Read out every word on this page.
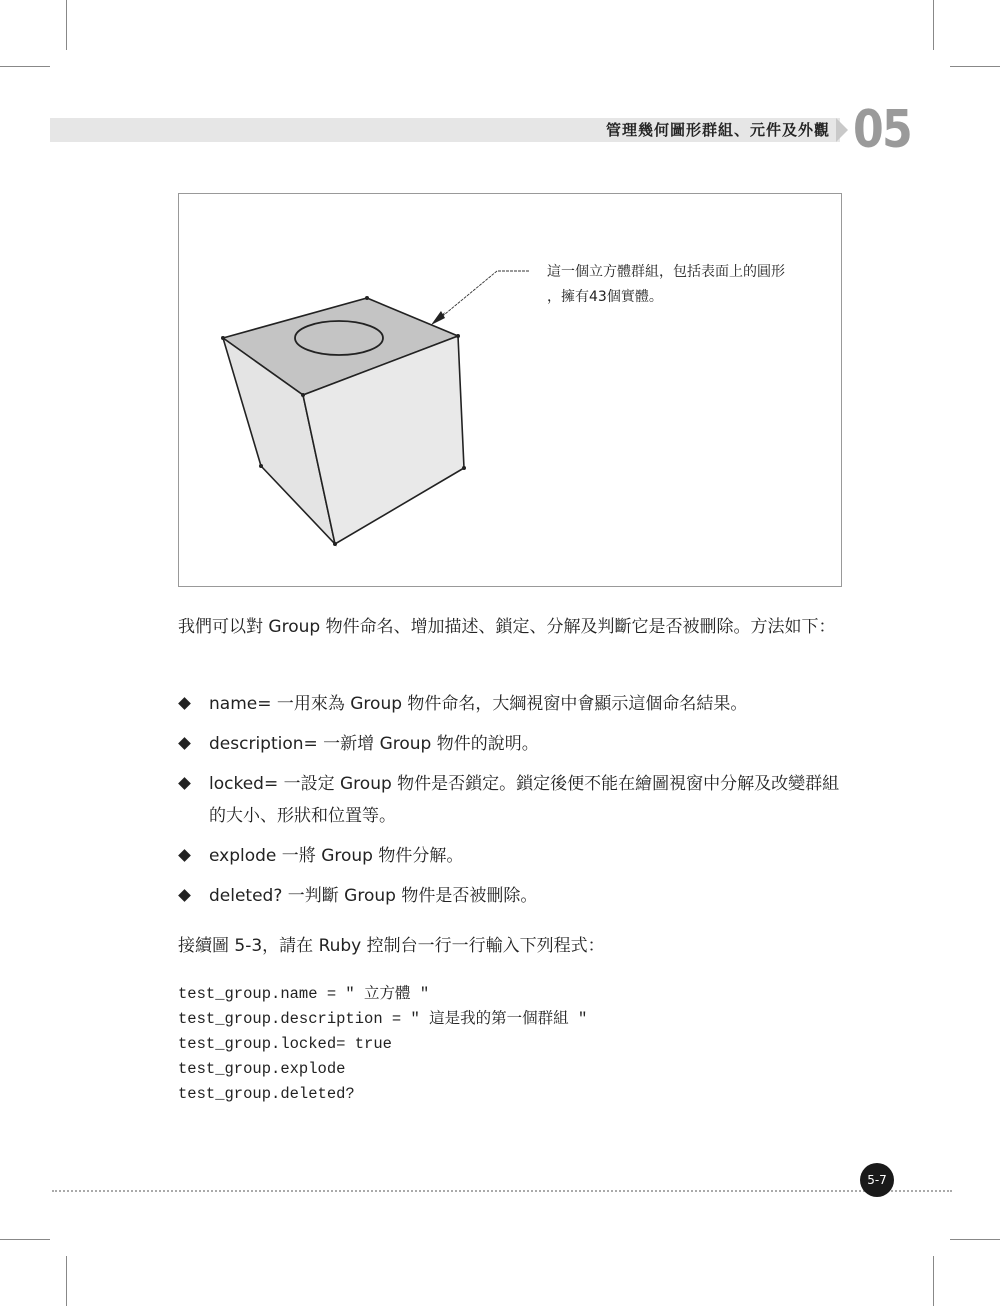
管理幾何圖形群組、元件及外觀 05
這一個立方體群組，包括表面上的圓形
，擁有43個實體。
我們可以對 Group 物件命名、增加描述、鎖定、分解及判斷它是否被刪除。方法如下：
name= 一用來為 Group 物件命名，大綱視窗中會顯示這個命名結果。
description= 一新增 Group 物件的說明。
locked= 一設定 Group 物件是否鎖定。鎖定後便不能在繪圖視窗中分解及改變群組的大小、形狀和位置等。
explode 一將 Group 物件分解。
deleted? 一判斷 Group 物件是否被刪除。
接續圖 5-3，請在 Ruby 控制台一行一行輸入下列程式：
test_group.name = " 立方體 "
test_group.description = " 這是我的第一個群組 "
test_group.locked= true
test_group.explode
test_group.deleted?
5-7
